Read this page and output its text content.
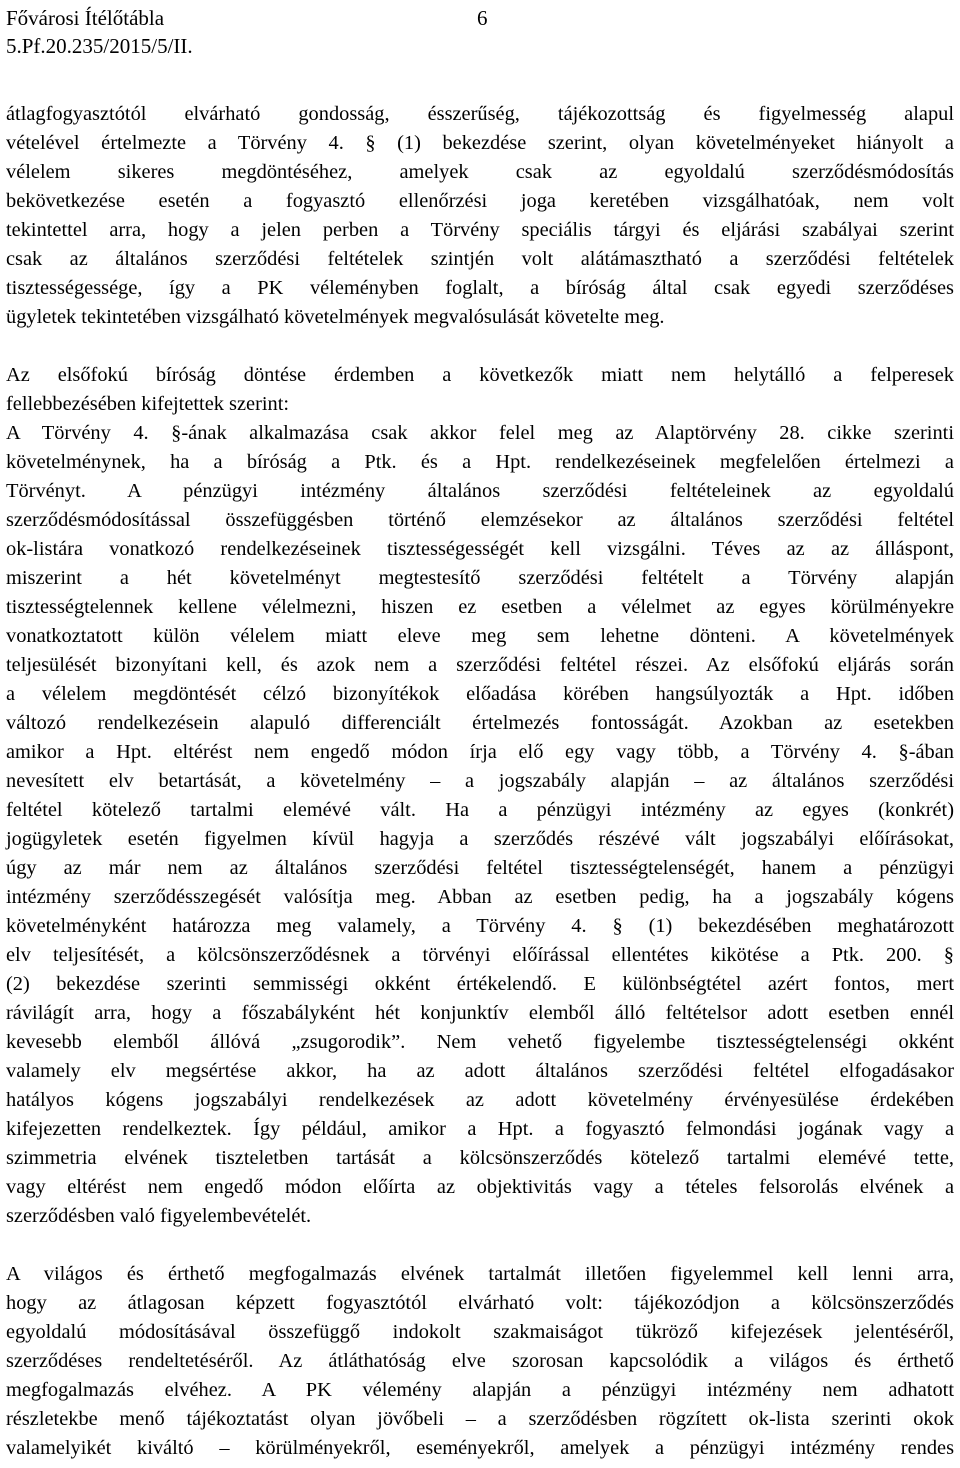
Fővárosi Ítélőtábla	6
5.Pf.20.235/2015/5/II.
átlagfogyasztótól elvárható gondosság, ésszerűség, tájékozottság és figyelmesség alapul
vételével értelmezte a Törvény 4. § (1) bekezdése szerint, olyan követelményeket hiányolt a
vélelem sikeres megdöntéséhez, amelyek csak az egyoldalú szerződésmódosítás
bekövetkezése esetén a fogyasztó ellenőrzési joga keretében vizsgálhatóak, nem volt
tekintettel arra, hogy a jelen perben a Törvény speciális tárgyi és eljárási szabályai szerint
csak az általános szerződési feltételek szintjén volt alátámasztható a szerződési feltételek
tisztességessége, így a PK véleményben foglalt, a bíróság által csak egyedi szerződéses
ügyletek tekintetében vizsgálható követelmények megvalósulását követelte meg.
Az elsőfokú bíróság döntése érdemben a következők miatt nem helytálló a felperesek
fellebbezésében kifejtettek szerint:
A Törvény 4. §-ának alkalmazása csak akkor felel meg az Alaptörvény 28. cikke szerinti
követelménynek, ha a bíróság a Ptk. és a Hpt. rendelkezéseinek megfelelően értelmezi a
Törvényt. A pénzügyi intézmény általános szerződési feltételeinek az egyoldalú
szerződésmódosítással összefüggésben történő elemzésekor az általános szerződési feltétel
ok-listára vonatkozó rendelkezéseinek tisztességességét kell vizsgálni. Téves az az álláspont,
miszerint a hét követelményt megtestesítő szerződési feltételt a Törvény alapján
tisztességtelennek kellene vélelmezni, hiszen ez esetben a vélelmet az egyes körülményekre
vonatkoztatott külön vélelem miatt eleve meg sem lehetne dönteni. A követelmények
teljesülését bizonyítani kell, és azok nem a szerződési feltétel részei. Az elsőfokú eljárás során
a vélelem megdöntését célzó bizonyítékok előadása körében hangsúlyozták a Hpt. időben
változó rendelkezésein alapuló differenciált értelmezés fontosságát. Azokban az esetekben
amikor a Hpt. eltérést nem engedő módon írja elő egy vagy több, a Törvény 4. §-ában
nevesített elv betartását, a követelmény – a jogszabály alapján – az általános szerződési
feltétel kötelező tartalmi elemévé vált. Ha a pénzügyi intézmény az egyes (konkrét)
jogügyletek esetén figyelmen kívül hagyja a szerződés részévé vált jogszabályi előírásokat,
úgy az már nem az általános szerződési feltétel tisztességtelenségét, hanem a pénzügyi
intézmény szerződésszegését valósítja meg. Abban az esetben pedig, ha a jogszabály kógens
követelményként határozza meg valamely, a Törvény 4. § (1) bekezdésében meghatározott
elv teljesítését, a kölcsönszerződésnek a törvényi előírással ellentétes kikötése a Ptk. 200. §
(2) bekezdése szerinti semmisségi okként értékelendő. E különbségtétel azért fontos, mert
rávilágít arra, hogy a főszabályként hét konjunktív elemből álló feltételsor adott esetben ennél
kevesebb elemből állóvá „zsugorodik”. Nem vehető figyelembe tisztességtelenségi okként
valamely elv megsértése akkor, ha az adott általános szerződési feltétel elfogadásakor
hatályos kógens jogszabályi rendelkezések az adott követelmény érvényesülése érdekében
kifejezetten rendelkeztek. Így például, amikor a Hpt. a fogyasztó felmondási jogának vagy a
szimmetria elvének tiszteletben tartását a kölcsönszerződés kötelező tartalmi elemévé tette,
vagy eltérést nem engedő módon előírta az objektivitás vagy a tételes felsorolás elvének a
szerződésben való figyelembevételét.
A világos és érthető megfogalmazás elvének tartalmát illetően figyelemmel kell lenni arra,
hogy az átlagosan képzett fogyasztótól elvárható volt: tájékozódjon a kölcsönszerződés
egyoldalú módosításával összefüggő indokolt szakmaiságot tükröző kifejezések jelentéséről,
szerződéses rendeltetéséről. Az átláthatóság elve szorosan kapcsolódik a világos és érthető
megfogalmazás elvéhez. A PK vélemény alapján a pénzügyi intézmény nem adhatott
részletekbe menő tájékoztatást olyan jövőbeli – a szerződésben rögzített ok-lista szerinti okok
valamelyikét kiváltó – körülményekről, eseményekről, amelyek a pénzügyi intézmény rendes
